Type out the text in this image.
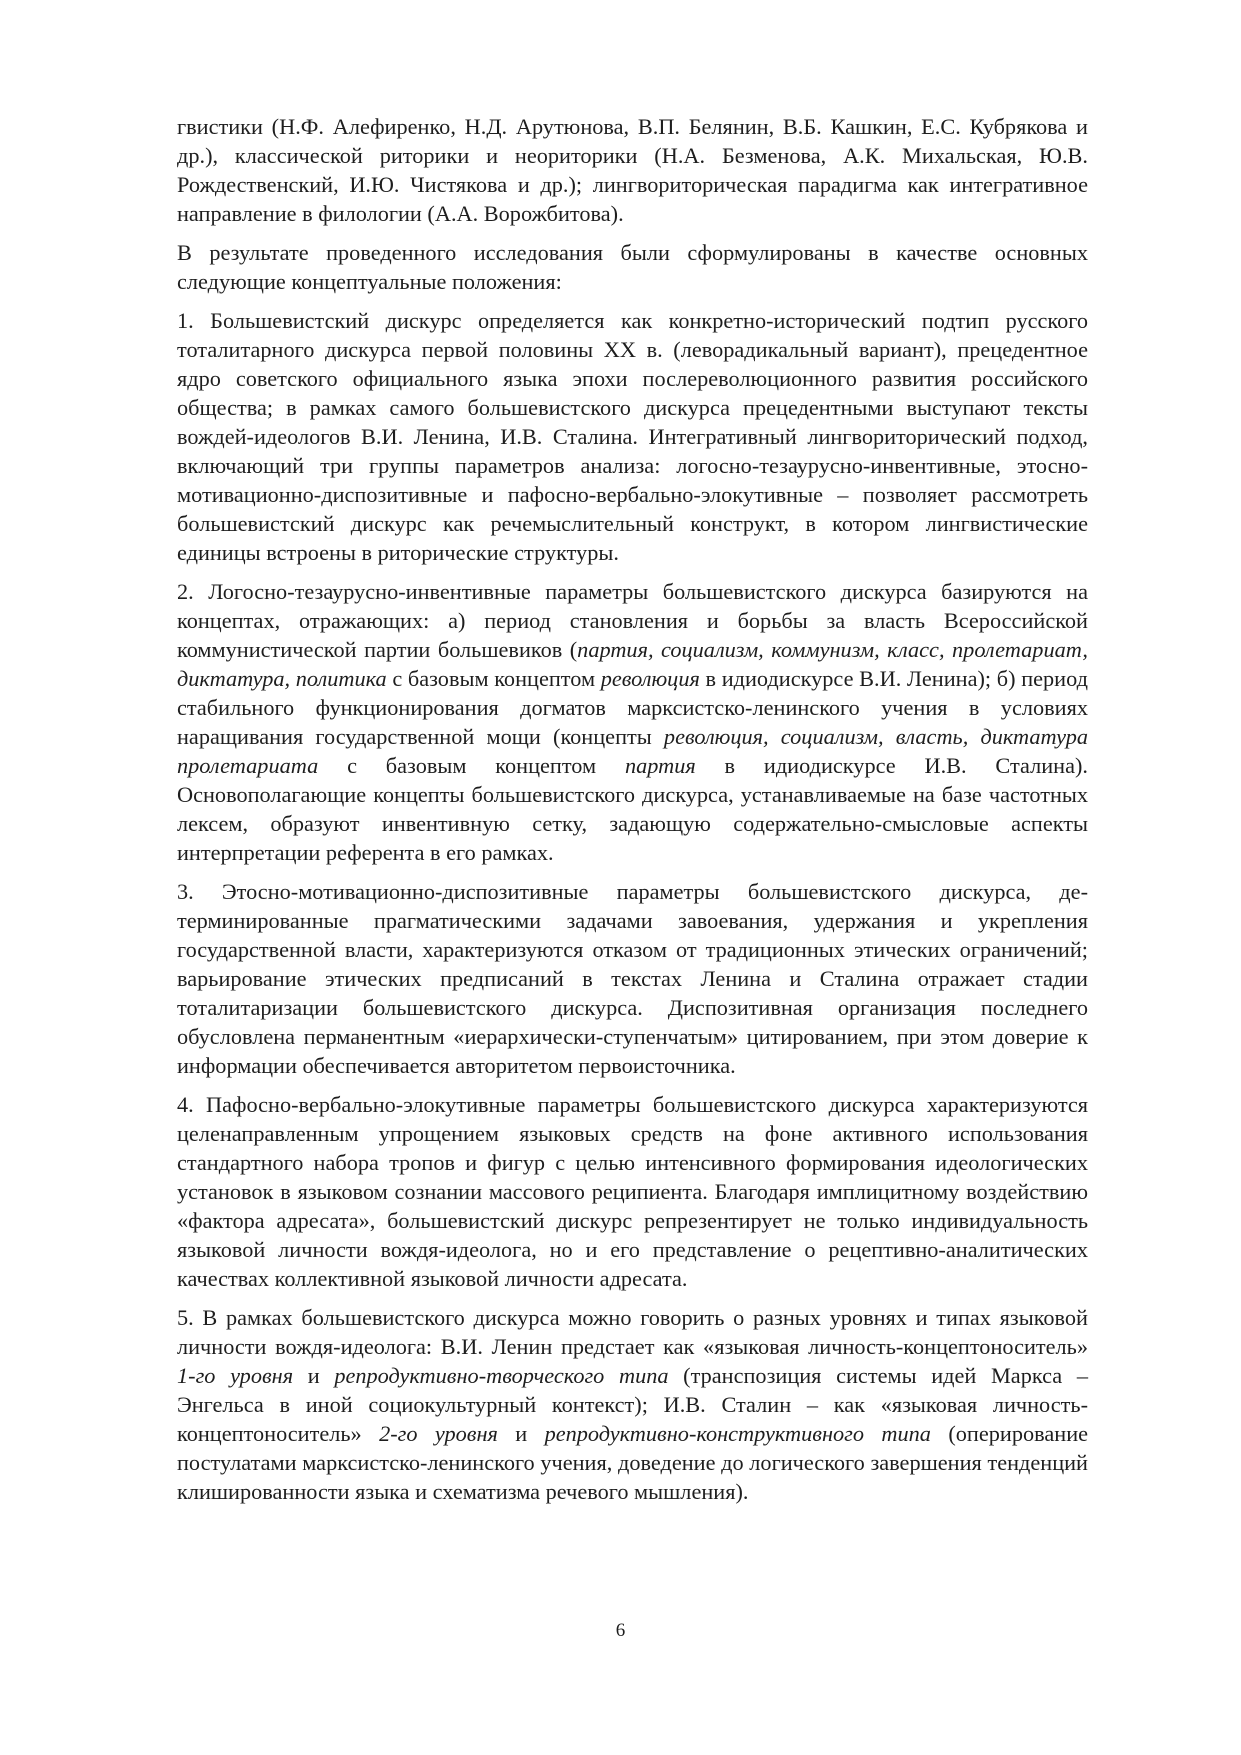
гвистики (Н.Ф. Алефиренко, Н.Д. Арутюнова, В.П. Белянин, В.Б. Кашкин, Е.С. Кубрякова и др.), классической риторики и неориторики (Н.А. Безменова, А.К. Михальская, Ю.В. Рождественский, И.Ю. Чистякова и др.); лингвориторическая парадигма как интегративное направление в филологии (А.А. Ворожбитова).

В результате проведенного исследования были сформулированы в качестве основных следующие концептуальные положения:

1. Большевистский дискурс определяется как конкретно-исторический подтип русского тоталитарного дискурса первой половины XX в. (леворадикальный вариант), прецедентное ядро советского официального языка эпохи послереволюционного развития российского общества; в рамках самого большевистского дискурса прецедентными выступают тексты вождей-идеологов В.И. Ленина, И.В. Сталина. Интегративный лингвориторический подход, включающий три группы параметров анализа: логосно-тезаурусно-инвентивные, этосно-мотивационно-диспозитивные и пафосно-вербально-элокутивные – позволяет рассмотреть большевистский дискурс как речемыслительный конструкт, в котором лингвистические единицы встроены в риторические структуры.

2. Логосно-тезаурусно-инвентивные параметры большевистского дискурса базируются на концептах, отражающих: а) период становления и борьбы за власть Всероссийской коммунистической партии большевиков (партия, социализм, коммунизм, класс, пролетариат, диктатура, политика с базовым концептом революция в идиодискурсе В.И. Ленина); б) период стабильного функционирования догматов марксистско-ленинского учения в условиях наращивания государственной мощи (концепты революция, социализм, власть, диктатура пролетариата с базовым концептом партия в идиодискурсе И.В. Сталина). Основополагающие концепты большевистского дискурса, устанавливаемые на базе частотных лексем, образуют инвентивную сетку, задающую содержательно-смысловые аспекты интерпретации референта в его рамках.

3. Этосно-мотивационно-диспозитивные параметры большевистского дискурса, детерминированные прагматическими задачами завоевания, удержания и укрепления государственной власти, характеризуются отказом от традиционных этических ограничений; варьирование этических предписаний в текстах Ленина и Сталина отражает стадии тоталитаризации большевистского дискурса. Диспозитивная организация последнего обусловлена перманентным «иерархически-ступенчатым» цитированием, при этом доверие к информации обеспечивается авторитетом первоисточника.

4. Пафосно-вербально-элокутивные параметры большевистского дискурса характеризуются целенаправленным упрощением языковых средств на фоне активного использования стандартного набора тропов и фигур с целью интенсивного формирования идеологических установок в языковом сознании массового реципиента. Благодаря имплицитному воздействию «фактора адресата», большевистский дискурс репрезентирует не только индивидуальность языковой личности вождя-идеолога, но и его представление о рецептивно-аналитических качествах коллективной языковой личности адресата.

5. В рамках большевистского дискурса можно говорить о разных уровнях и типах языковой личности вождя-идеолога: В.И. Ленин предстает как «языковая личность-концептоноситель» 1-го уровня и репродуктивно-творческого типа (транспозиция системы идей Маркса – Энгельса в иной социокультурный контекст); И.В. Сталин – как «языковая личность-концептоноситель» 2-го уровня и репродуктивно-конструктивного типа (оперирование постулатами марксистско-ленинского учения, доведение до логического завершения тенденций клишированности языка и схематизма речевого мышления).

6
